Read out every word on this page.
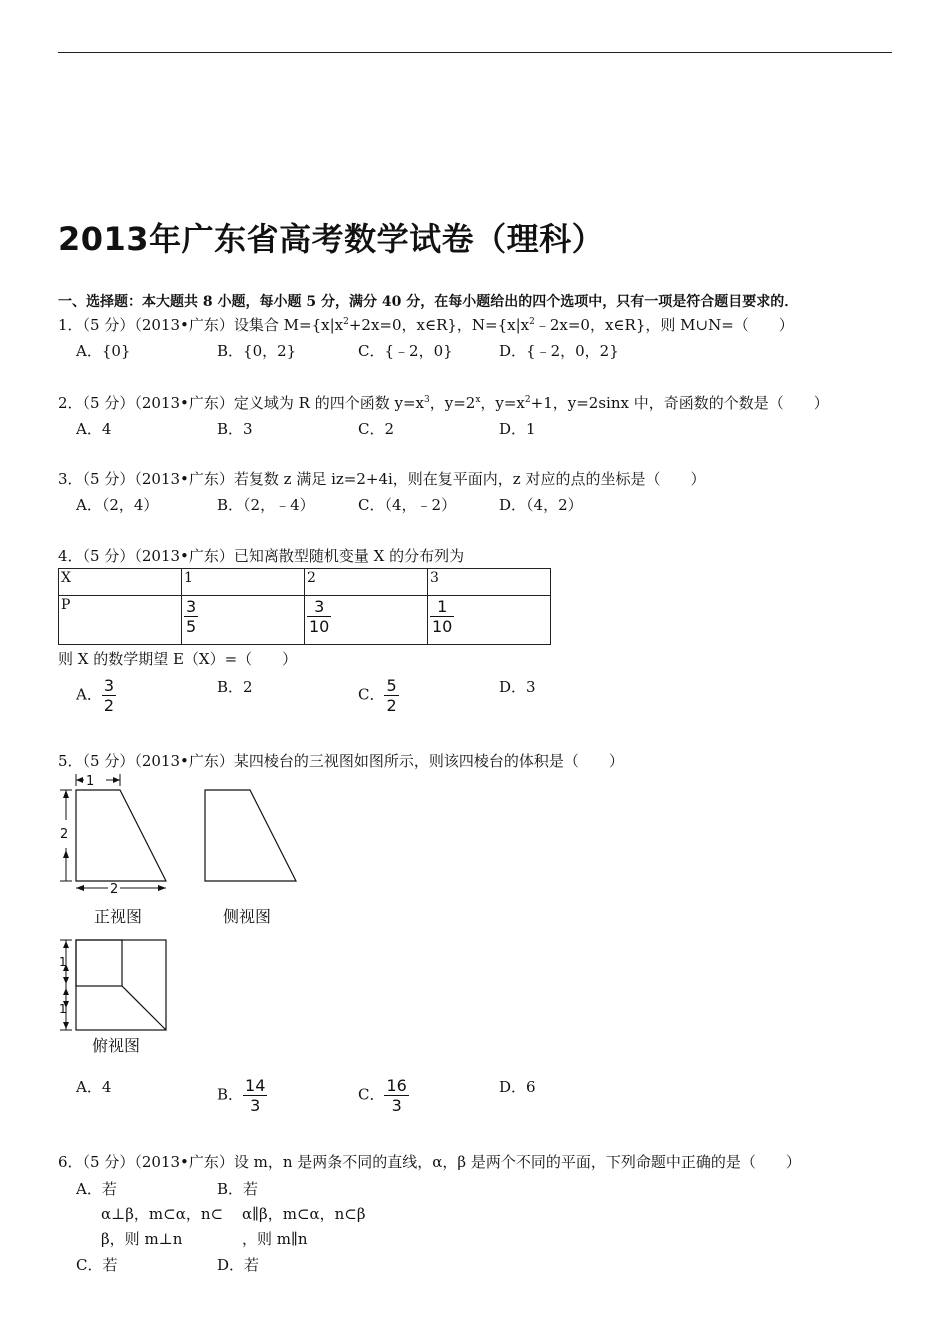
2013年广东省高考数学试卷（理科）
一、选择题：本大题共 8 小题，每小题 5 分，满分 40 分，在每小题给出的四个选项中，只有一项是符合题目要求的．
1．（5 分）（2013•广东）设集合 $M=\{x|x^2+2x=0$，x∈R}，$N=\{x|x^2﹣2x=0$，x∈R}，则 M∪N=（　　）
A．{0}	B．{0，2}	C．{﹣2，0}	D．{﹣2，0，2}
2．（5 分）（2013•广东）定义域为 R 的四个函数 $y=x^3$，$y=2^x$，$y=x^2+1$，y=2sinx 中，奇函数的个数是（　　）
A．4	B．3	C．2	D．1
3．（5 分）（2013•广东）若复数 z 满足 iz=2+4i，则在复平面内，z 对应的点的坐标是（　　）
A．（2，4）	B．（2，﹣4）	C．（4，﹣2）	D．（4，2）
4．（5 分）（2013•广东）已知离散型随机变量 X 的分布列为
X	1	2	3
P	$\frac{3}{5}$	$\frac{3}{10}$	$\frac{1}{10}$
则 X 的数学期望 E（X）=（　　）
A． $\frac{3}{2}$	B．2	C． $\frac{5}{2}$	D．3
5．（5 分）（2013•广东）某四棱台的三视图如图所示，则该四棱台的体积是（　　）
1
2
2
正视图	侧视图
1
1
俯视图
A．4	B． $\frac{14}{3}$	C． $\frac{16}{3}$	D．6
6．（5 分）（2013•广东）设 m，n 是两条不同的直线，α，β 是两个不同的平面，下列命题中正确的是（　　）
A．若	B．若
α⊥β，m⊂α，n⊂ α∥β，m⊂α，n⊂β
β，则 m⊥n	，则 m∥n
C．若	D．若
